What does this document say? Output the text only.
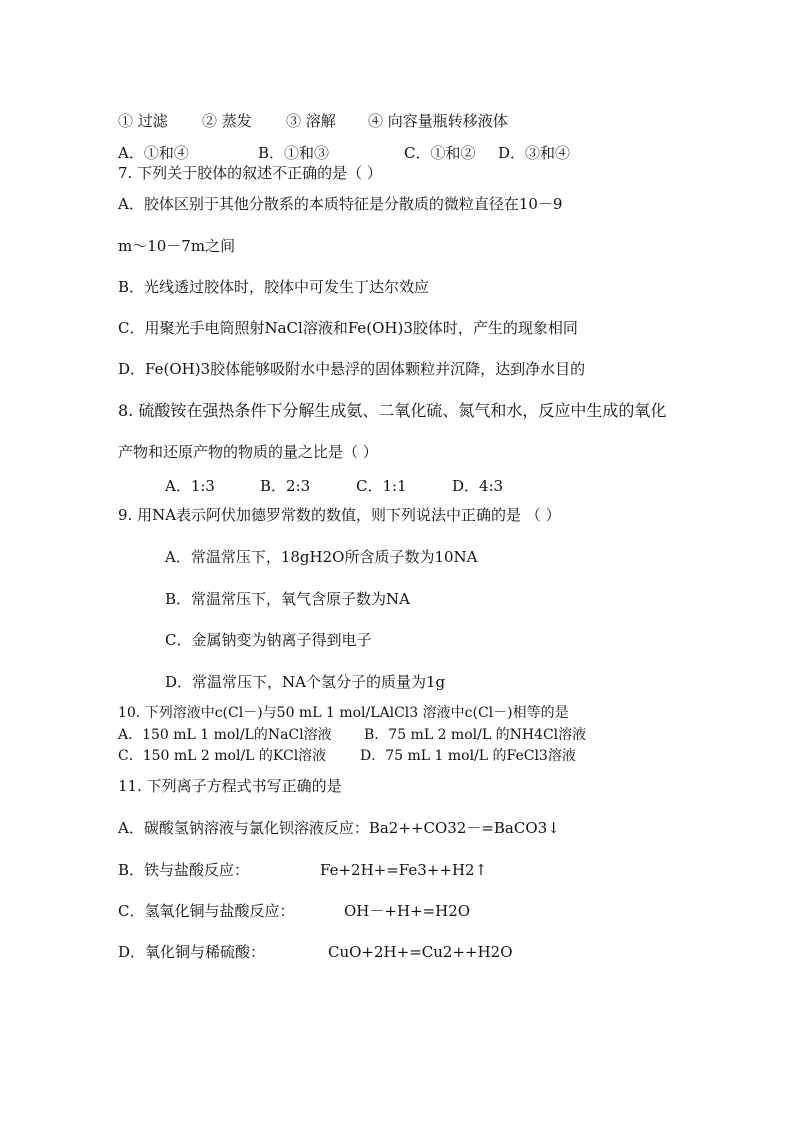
① 过滤 ② 蒸发 ③ 溶解 ④ 向容量瓶转移液体
A．①和④	B．①和③	C．①和② D．③和④
7. 下列关于胶体的叙述不正确的是（ ）
A．胶体区别于其他分散系的本质特征是分散质的微粒直径在10－9
m～10－7m之间
B．光线透过胶体时，胶体中可发生丁达尔效应
C．用聚光手电筒照射NaCl溶液和Fe(OH)3胶体时，产生的现象相同
D．Fe(OH)3胶体能够吸附水中悬浮的固体颗粒并沉降，达到净水目的
8. 硫酸铵在强热条件下分解生成氨、二氧化硫、氮气和水，反应中生成的氧化
产物和还原产物的物质的量之比是（ ）
A．1:3	B．2:3	C．1:1	D．4:3
9. 用NA表示阿伏加德罗常数的数值，则下列说法中正确的是 （ ）
A．常温常压下，18gH2O所含质子数为10NA
B．常温常压下，氧气含原子数为NA
C．金属钠变为钠离子得到电子
D．常温常压下，NA个氢分子的质量为1g
10. 下列溶液中c(Cl－)与50 mL 1 mol/LAlCl3 溶液中c(Cl－)相等的是
A．150 mL 1 mol/L的NaCl溶液 B．75 mL 2 mol/L 的NH4Cl溶液
C．150 mL 2 mol/L 的KCl溶液 D．75 mL 1 mol/L 的FeCl3溶液
11. 下列离子方程式书写正确的是
A．碳酸氢钠溶液与氯化钡溶液反应：Ba2++CO32－=BaCO3↓
B．铁与盐酸反应：	Fe+2H+=Fe3++H2↑
C．氢氧化铜与盐酸反应：	OH－+H+=H2O
D．氧化铜与稀硫酸：	CuO+2H+=Cu2++H2O
